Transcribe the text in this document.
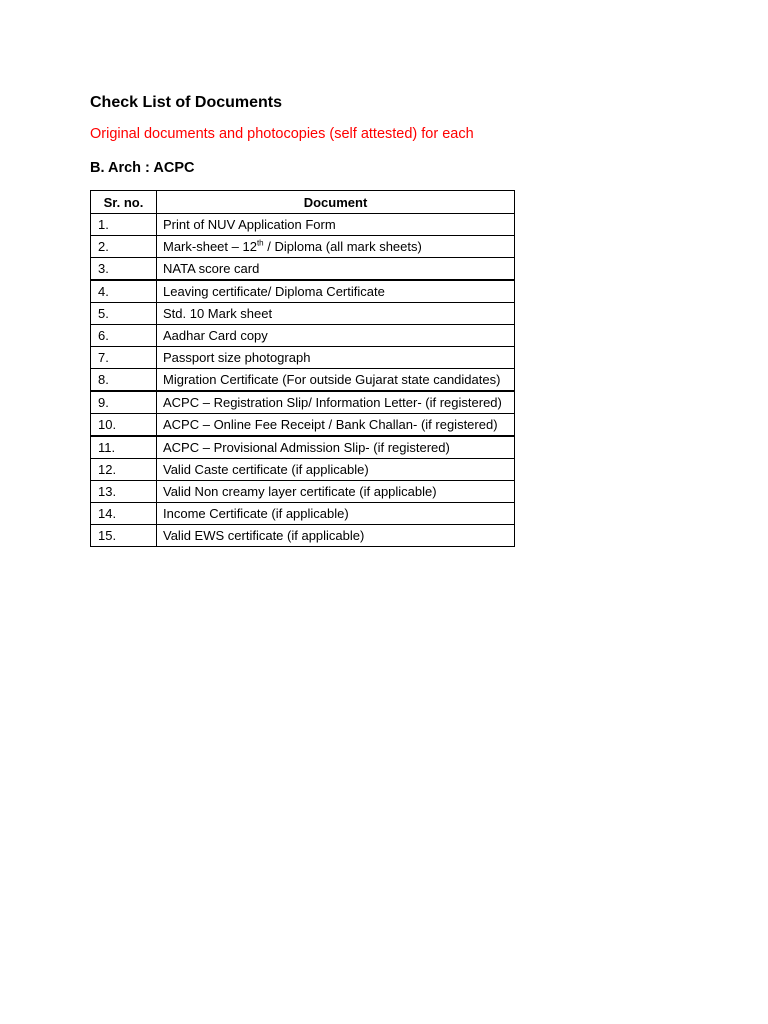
Check List of Documents

Original documents and photocopies (self attested) for each

B. Arch : ACPC

Sr. no.	Document
1.	Print of NUV Application Form
2.	Mark-sheet – 12th / Diploma (all mark sheets)
3.	NATA score card
4.	Leaving certificate/ Diploma Certificate
5.	Std. 10 Mark sheet
6.	Aadhar Card copy
7.	Passport size photograph
8.	Migration Certificate (For outside Gujarat state candidates)
9.	ACPC – Registration Slip/ Information Letter- (if registered)
10.	ACPC – Online Fee Receipt / Bank Challan- (if registered)
11.	ACPC – Provisional Admission Slip- (if registered)
12.	Valid Caste certificate (if applicable)
13.	Valid Non creamy layer certificate (if applicable)
14.	Income Certificate (if applicable)
15.	Valid EWS certificate (if applicable)
